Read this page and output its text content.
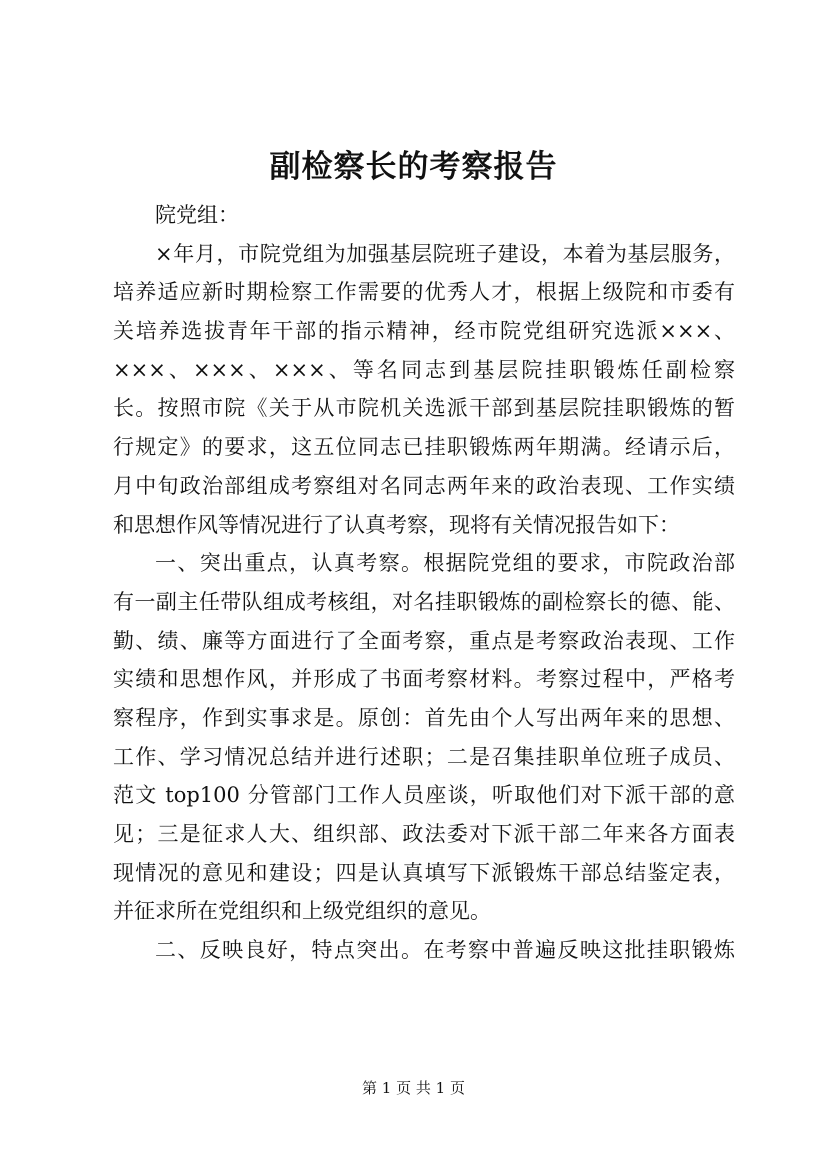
副检察长的考察报告
院党组：
×年月，市院党组为加强基层院班子建设，本着为基层服务，
培养适应新时期检察工作需要的优秀人才，根据上级院和市委有
关培养选拔青年干部的指示精神，经市院党组研究选派×××、
×××、×××、×××、等名同志到基层院挂职锻炼任副检察
长。按照市院《关于从市院机关选派干部到基层院挂职锻炼的暂
行规定》的要求，这五位同志已挂职锻炼两年期满。经请示后，
月中旬政治部组成考察组对名同志两年来的政治表现、工作实绩
和思想作风等情况进行了认真考察，现将有关情况报告如下：
一、突出重点，认真考察。根据院党组的要求，市院政治部
有一副主任带队组成考核组，对名挂职锻炼的副检察长的德、能、
勤、绩、廉等方面进行了全面考察，重点是考察政治表现、工作
实绩和思想作风，并形成了书面考察材料。考察过程中，严格考
察程序，作到实事求是。原创：首先由个人写出两年来的思想、
工作、学习情况总结并进行述职；二是召集挂职单位班子成员、
范文 top100 分管部门工作人员座谈，听取他们对下派干部的意
见；三是征求人大、组织部、政法委对下派干部二年来各方面表
现情况的意见和建设；四是认真填写下派锻炼干部总结鉴定表，
并征求所在党组织和上级党组织的意见。
二、反映良好，特点突出。在考察中普遍反映这批挂职锻炼
第 1 页 共 1 页
